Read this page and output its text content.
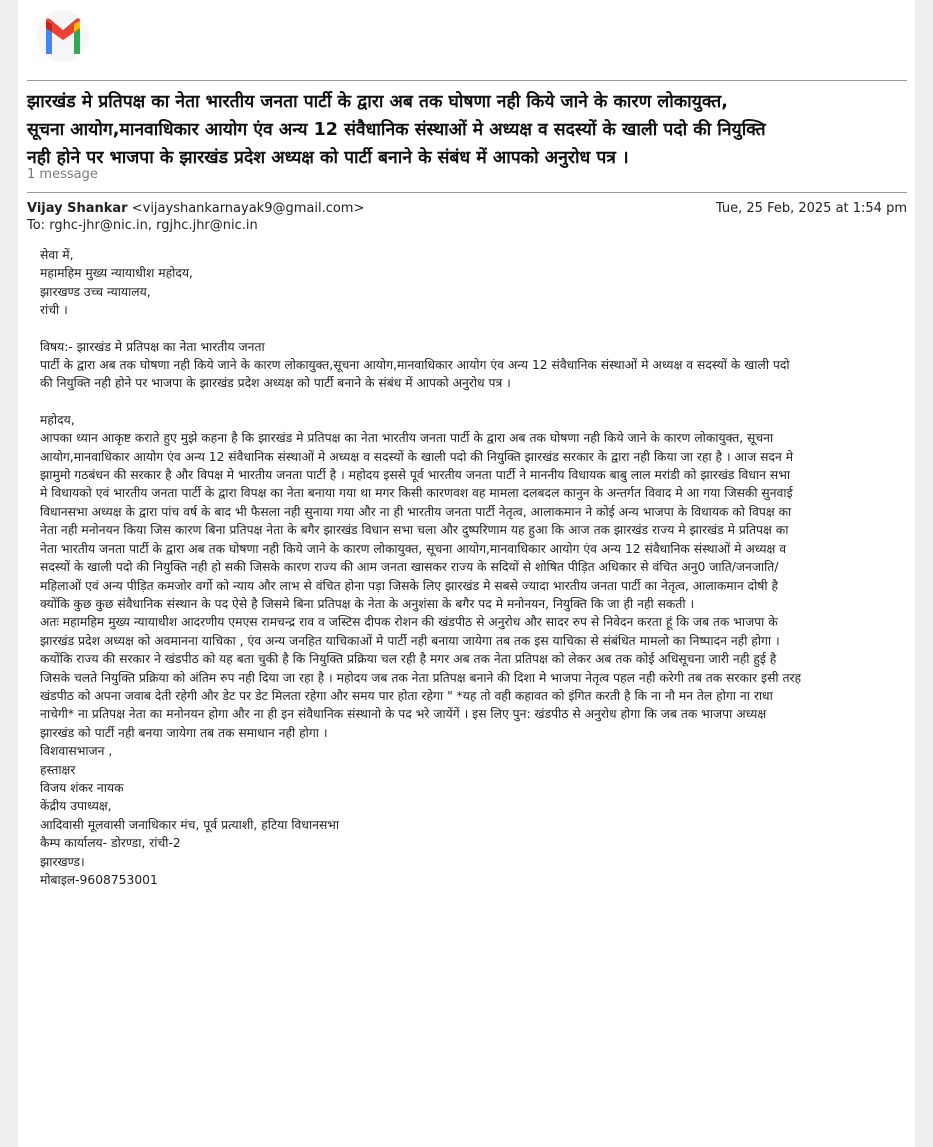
झारखंड मे प्रतिपक्ष का नेता भारतीय जनता पार्टी के द्वारा अब तक घोषणा नही किये जाने के कारण लोकायुक्त,
सूचना आयोग,मानवाधिकार आयोग एंव अन्य 12 संवैधानिक संस्थाओं मे अध्यक्ष व सदस्यों के खाली पदो की नियुक्ति
नही होने पर भाजपा के झारखंड प्रदेश अध्यक्ष को पार्टी बनाने के संबंध में आपको अनुरोध पत्र ।
1 message
Vijay Shankar <vijayshankarnayak9@gmail.com>	Tue, 25 Feb, 2025 at 1:54 pm
To: rghc-jhr@nic.in, rgjhc.jhr@nic.in
सेवा में,
महामहिम मुख्य न्यायाधीश महोदय,
झारखण्ड उच्च न्यायालय,
रांची ।
विषय:- झारखंड मे प्रतिपक्ष का नेता भारतीय जनता
पार्टी के द्वारा अब तक घोषणा नही किये जाने के कारण लोकायुक्त,सूचना आयोग,मानवाधिकार आयोग एंव अन्य 12 संवैधानिक संस्थाओं मे अध्यक्ष व सदस्यों के खाली पदो
की नियुक्ति नही होने पर भाजपा के झारखंड प्रदेश अध्यक्ष को पार्टी बनाने के संबंध में आपको अनुरोध पत्र ।
महोदय,
आपका ध्यान आकृष्ट कराते हुए मुझे कहना है कि झारखंड मे प्रतिपक्ष का नेता भारतीय जनता पार्टी के द्वारा अब तक घोषणा नही किये जाने के कारण लोकायुक्त, सूचना
आयोग,मानवाधिकार आयोग एंव अन्य 12 संवैधानिक संस्थाओं मे अध्यक्ष व सदस्यों के खाली पदो की नियुक्ति झारखंड सरकार के द्वारा नही किया जा रहा है । आज सदन मे
झामुमो गठबंधन की सरकार है और विपक्ष मे भारतीय जनता पार्टी है । महोदय इससे पूर्व भारतीय जनता पार्टी ने माननीय विधायक बाबु लाल मरांडी को झारखंड विधान सभा
मे विधायको एवं भारतीय जनता पार्टी के द्वारा विपक्ष का नेता बनाया गया था मगर किसी कारणवश वह मामला दलबदल कानुन के अन्तर्गत विवाद मे आ गया जिसकी सुनवाई
विधानसभा अध्यक्ष के द्वारा पांच वर्ष के बाद भी फैसला नही सुनाया गया और ना ही भारतीय जनता पार्टी नेतृत्व, आलाकमान ने कोई अन्य भाजपा के विधायक को विपक्ष का
नेता नही मनोनयन किया जिस कारण बिना प्रतिपक्ष नेता के बगैर झारखंड विधान सभा चला और दुष्परिणाम यह हुआ कि आज तक झारखंड राज्य मे झारखंड मे प्रतिपक्ष का
नेता भारतीय जनता पार्टी के द्वारा अब तक घोषणा नही किये जाने के कारण लोकायुक्त, सूचना आयोग,मानवाधिकार आयोग एंव अन्य 12 संवैधानिक संस्थाओं मे अध्यक्ष व
सदस्यों के खाली पदो की नियुक्ति नही हो सकी जिसके कारण राज्य की आम जनता खासकर राज्य के सदियों से शोषित पीड़ित अधिकार से वंचित अनु0 जाति/जनजाति/
महिलाओं एवं अन्य पीड़ित कमजोर वर्गो को न्याय और लाभ से वंचित होना पड़ा जिसके लिए झारखंड मे सबसे ज्यादा भारतीय जनता पार्टी का नेतृत्व, आलाकमान दोषी है
क्योंकि कुछ कुछ संवैधानिक संस्थान के पद ऐसे है जिसमे बिना प्रतिपक्ष के नेता के अनुशंसा के बगैर पद मे मनोनयन, नियुक्ति कि जा ही नही सकती ।
अतः महामहिम मुख्य न्यायाधीश आदरणीय एमएस रामचन्द्र राव व जस्टिस दीपक रोशन की खंडपीठ से अनुरोध और सादर रुप से निवेदन करता हूं कि जब तक भाजपा के
झारखंड प्रदेश अध्यक्ष को अवमानना याचिका , एंव अन्य जनहित याचिकाओं मे पार्टी नही बनाया जायेगा तब तक इस याचिका से संबंधित मामलो का निष्पादन नही होगा ।
कयोंकि राज्य की सरकार ने खंडपीठ को यह बता चुकी है कि नियुक्ति प्रक्रिया चल रही है मगर अब तक नेता प्रतिपक्ष को लेकर अब तक कोई अधिसूचना जारी नही हुई है
जिसके चलते नियुक्ति प्रक्रिया को अंतिम रुप नही दिया जा रहा है । महोदय जब तक नेता प्रतिपक्ष बनाने की दिशा मे भाजपा नेतृत्व पहल नही करेगी तब तक सरकार इसी तरह
खंडपीठ को अपना जवाब देती रहेगी और डेट पर डेट मिलता रहेगा और समय पार होता रहेगा " *यह तो वही कहावत को इंगित करती है कि ना नौ मन तेल होगा ना राधा
नाचेगी* ना प्रतिपक्ष नेता का मनोनयन होगा और ना ही इन संवैधानिक संस्थानो के पद भरे जायेंगें । इस लिए पुन: खंडपीठ से अनुरोध होगा कि जब तक भाजपा अध्यक्ष
झारखंड को पार्टी नही बनया जायेगा तब तक समाधान नही होगा ।
विशवासभाजन ,
हस्ताक्षर
विजय शंकर नायक
केंद्रीय उपाध्यक्ष,
आदिवासी मूलवासी जनाधिकार मंच, पूर्व प्रत्याशी, हटिया विधानसभा
कैम्प कार्यालय- डोरण्डा, रांची-2
झारखण्ड।
मोबाइल-9608753001
